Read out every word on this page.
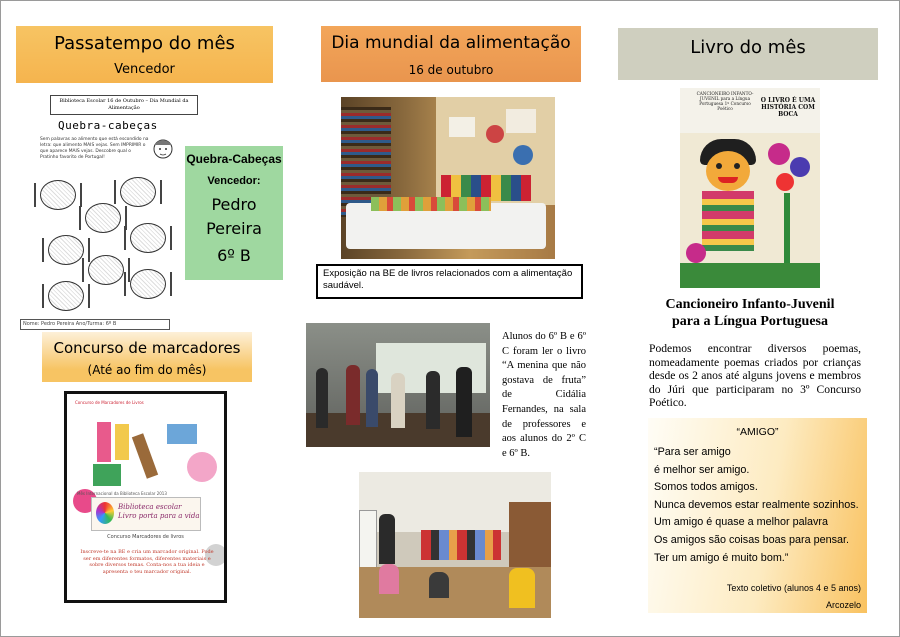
Passatempo do mês
Vencedor
Biblioteca Escolar 16 de Outubro – Dia Mundial da Alimentação
Quebra-cabeças
Sem palavras ao alimento que está escondido na letra: que alimento MAIS vejas. Sem IMPRIMIR o que aparece MAIS vejas. Descobre qual o Pratinho favorito de Portugal!
Nome: Pedro Pereira Ano/Turma: 6º B
Quebra-Cabeças
Vencedor:
Pedro
Pereira
6º B
Concurso de marcadores
(Até ao fim do mês)
Concurso de Marcadores de Livros
Mês Internacional da Biblioteca Escolar 2013
Biblioteca escolar Livro porta para a vida
Concurso Marcadores de livros
Inscreve-te na BE e cria um marcador original. Pode ser em diferentes formatos, diferentes materiais e sobre diversos temas. Conta-nos a tua ideia e apresenta o teu marcador original.
Dia mundial da alimentação
16 de outubro
Exposição na BE de livros relacionados com a alimentação saudável.
Alunos do 6º B e 6º C foram ler o livro “A menina que não gostava de fruta” de Cidália Fernandes, na sala de professores e aos alunos do 2º C e 6º B.
Livro do mês
CANCIONEIRO INFANTO-JUVENIL para a Língua Portuguesa 1º Concurso Poético
O LIVRO É UMA HISTÓRIA COM BOCA
Cancioneiro Infanto-Juvenil
para a Língua Portuguesa
Podemos encontrar diversos poemas, nomeadamente poemas criados por crianças desde os 2 anos até alguns jovens e membros do Júri que participaram no 3º Concurso Poético.
“AMIGO”
“Para ser amigo
é melhor ser amigo.
Somos todos amigos.
Nunca devemos estar realmente sozinhos.
Um amigo é quase a melhor palavra
Os amigos são coisas boas para pensar.
Ter um amigo é muito bom.”
Texto coletivo (alunos 4 e 5 anos)
Arcozelo
